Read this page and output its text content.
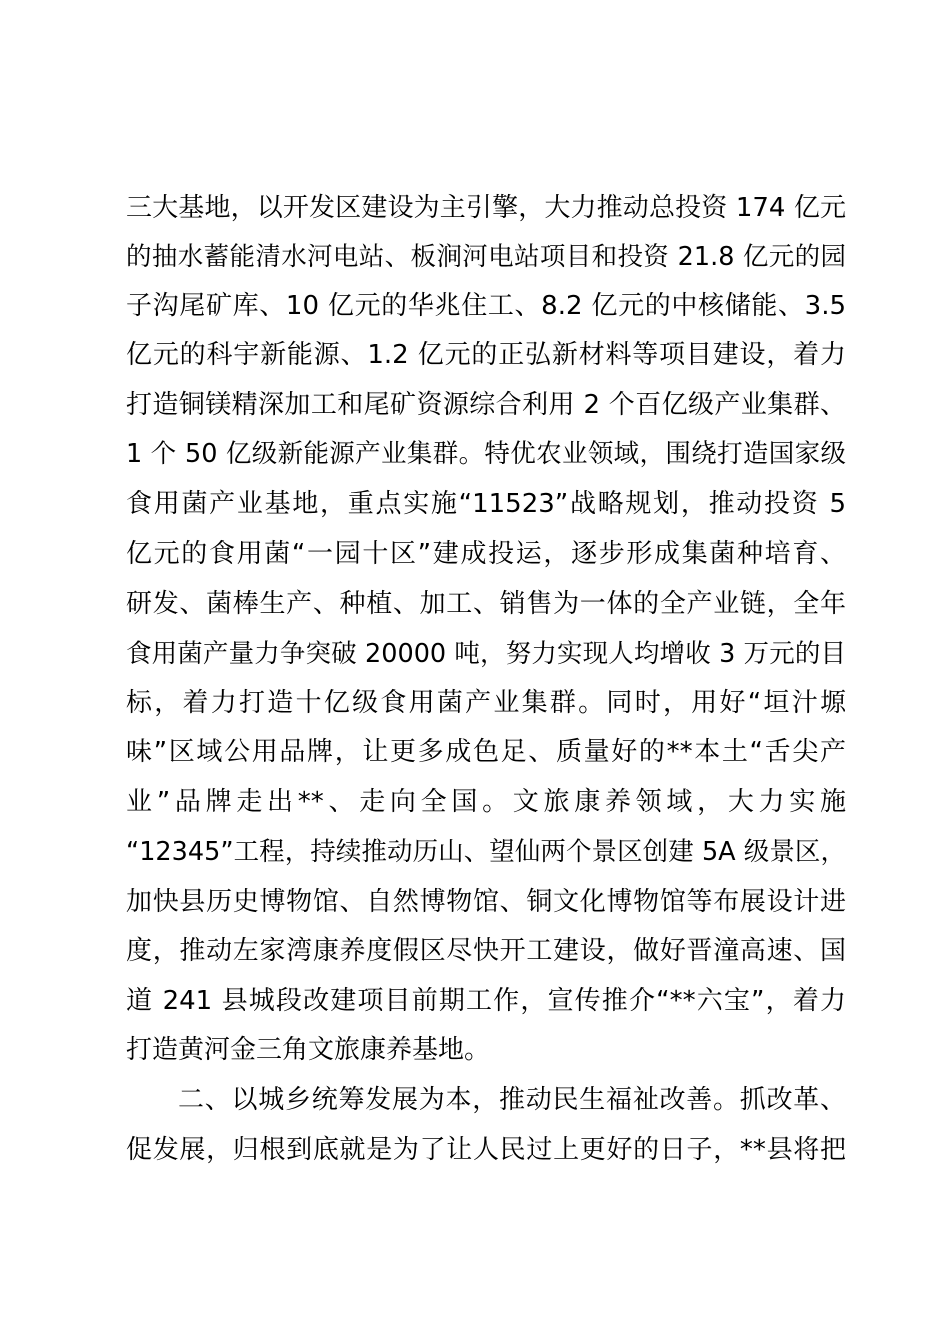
三大基地，以开发区建设为主引擎，大力推动总投资 174 亿元
的抽水蓄能清水河电站、板涧河电站项目和投资 21.8 亿元的园
子沟尾矿库、10 亿元的华兆住工、8.2 亿元的中核储能、3.5
亿元的科宇新能源、1.2 亿元的正弘新材料等项目建设，着力
打造铜镁精深加工和尾矿资源综合利用 2 个百亿级产业集群、
1 个 50 亿级新能源产业集群。特优农业领域，围绕打造国家级
食用菌产业基地，重点实施“11523”战略规划，推动投资 5
亿元的食用菌“一园十区”建成投运，逐步形成集菌种培育、
研发、菌棒生产、种植、加工、销售为一体的全产业链，全年
食用菌产量力争突破 20000 吨，努力实现人均增收 3 万元的目
标，着力打造十亿级食用菌产业集群。同时，用好“垣汁塬
味”区域公用品牌，让更多成色足、质量好的**本土“舌尖产
业”品牌走出**、走向全国。文旅康养领域，大力实施
“12345”工程，持续推动历山、望仙两个景区创建 5A 级景区，
加快县历史博物馆、自然博物馆、铜文化博物馆等布展设计进
度，推动左家湾康养度假区尽快开工建设，做好晋潼高速、国
道 241 县城段改建项目前期工作，宣传推介“**六宝”，着力
打造黄河金三角文旅康养基地。
二、以城乡统筹发展为本，推动民生福祉改善。抓改革、
促发展，归根到底就是为了让人民过上更好的日子，**县将把
